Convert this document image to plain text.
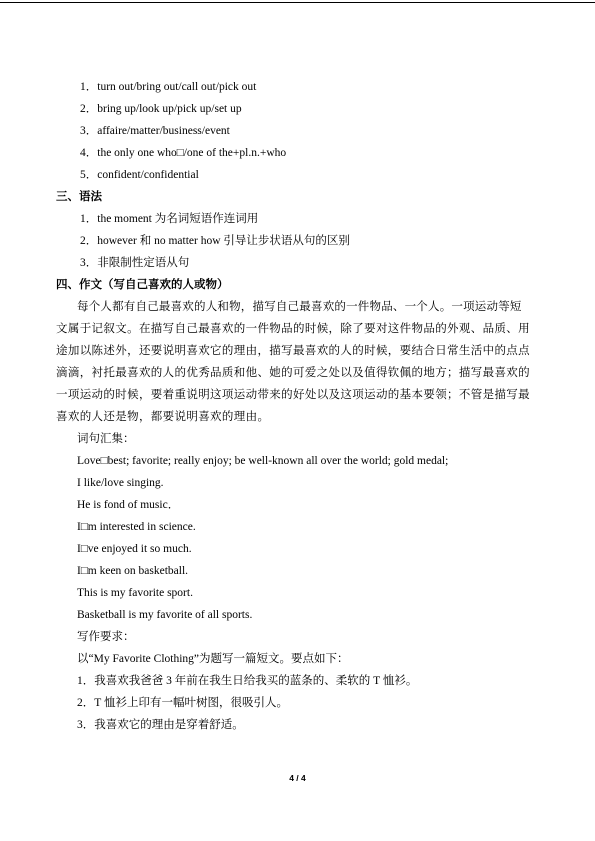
1．turn out/bring out/call out/pick out
2．bring up/look up/pick up/set up
3．affaire/matter/business/event
4．the only one who□/one of the+pl.n.+who
5．confident/confidential
三、语法
1．the moment 为名词短语作连词用
2．however 和 no matter how 引导让步状语从句的区别
3．非限制性定语从句
四、作文（写自己喜欢的人或物）
每个人都有自己最喜欢的人和物，描写自己最喜欢的一件物品、一个人。一项运动等短
文属于记叙文。在描写自己最喜欢的一件物品的时候，除了要对这件物品的外观、品质、用
途加以陈述外，还要说明喜欢它的理由，描写最喜欢的人的时候，要结合日常生活中的点点
滴滴，衬托最喜欢的人的优秀品质和他、她的可爱之处以及值得钦佩的地方；描写最喜欢的
一项运动的时候，要着重说明这项运动带来的好处以及这项运动的基本要领；不管是描写最
喜欢的人还是物，都要说明喜欢的理由。
词句汇集：
Love□best; favorite; really enjoy; be well-known all over the world; gold medal;
I like/love singing.
He is fond of music．
I□m interested in science.
I□ve enjoyed it so much.
I□m keen on basketball.
This is my favorite sport.
Basketball is my favorite of all sports.
写作要求：
以“My Favorite Clothing”为题写一篇短文。要点如下：
1．我喜欢我爸爸 3 年前在我生日给我买的蓝条的、柔软的 T 恤衫。
2．T 恤衫上印有一幅叶树图，很吸引人。
3．我喜欢它的理由是穿着舒适。
4 / 4
